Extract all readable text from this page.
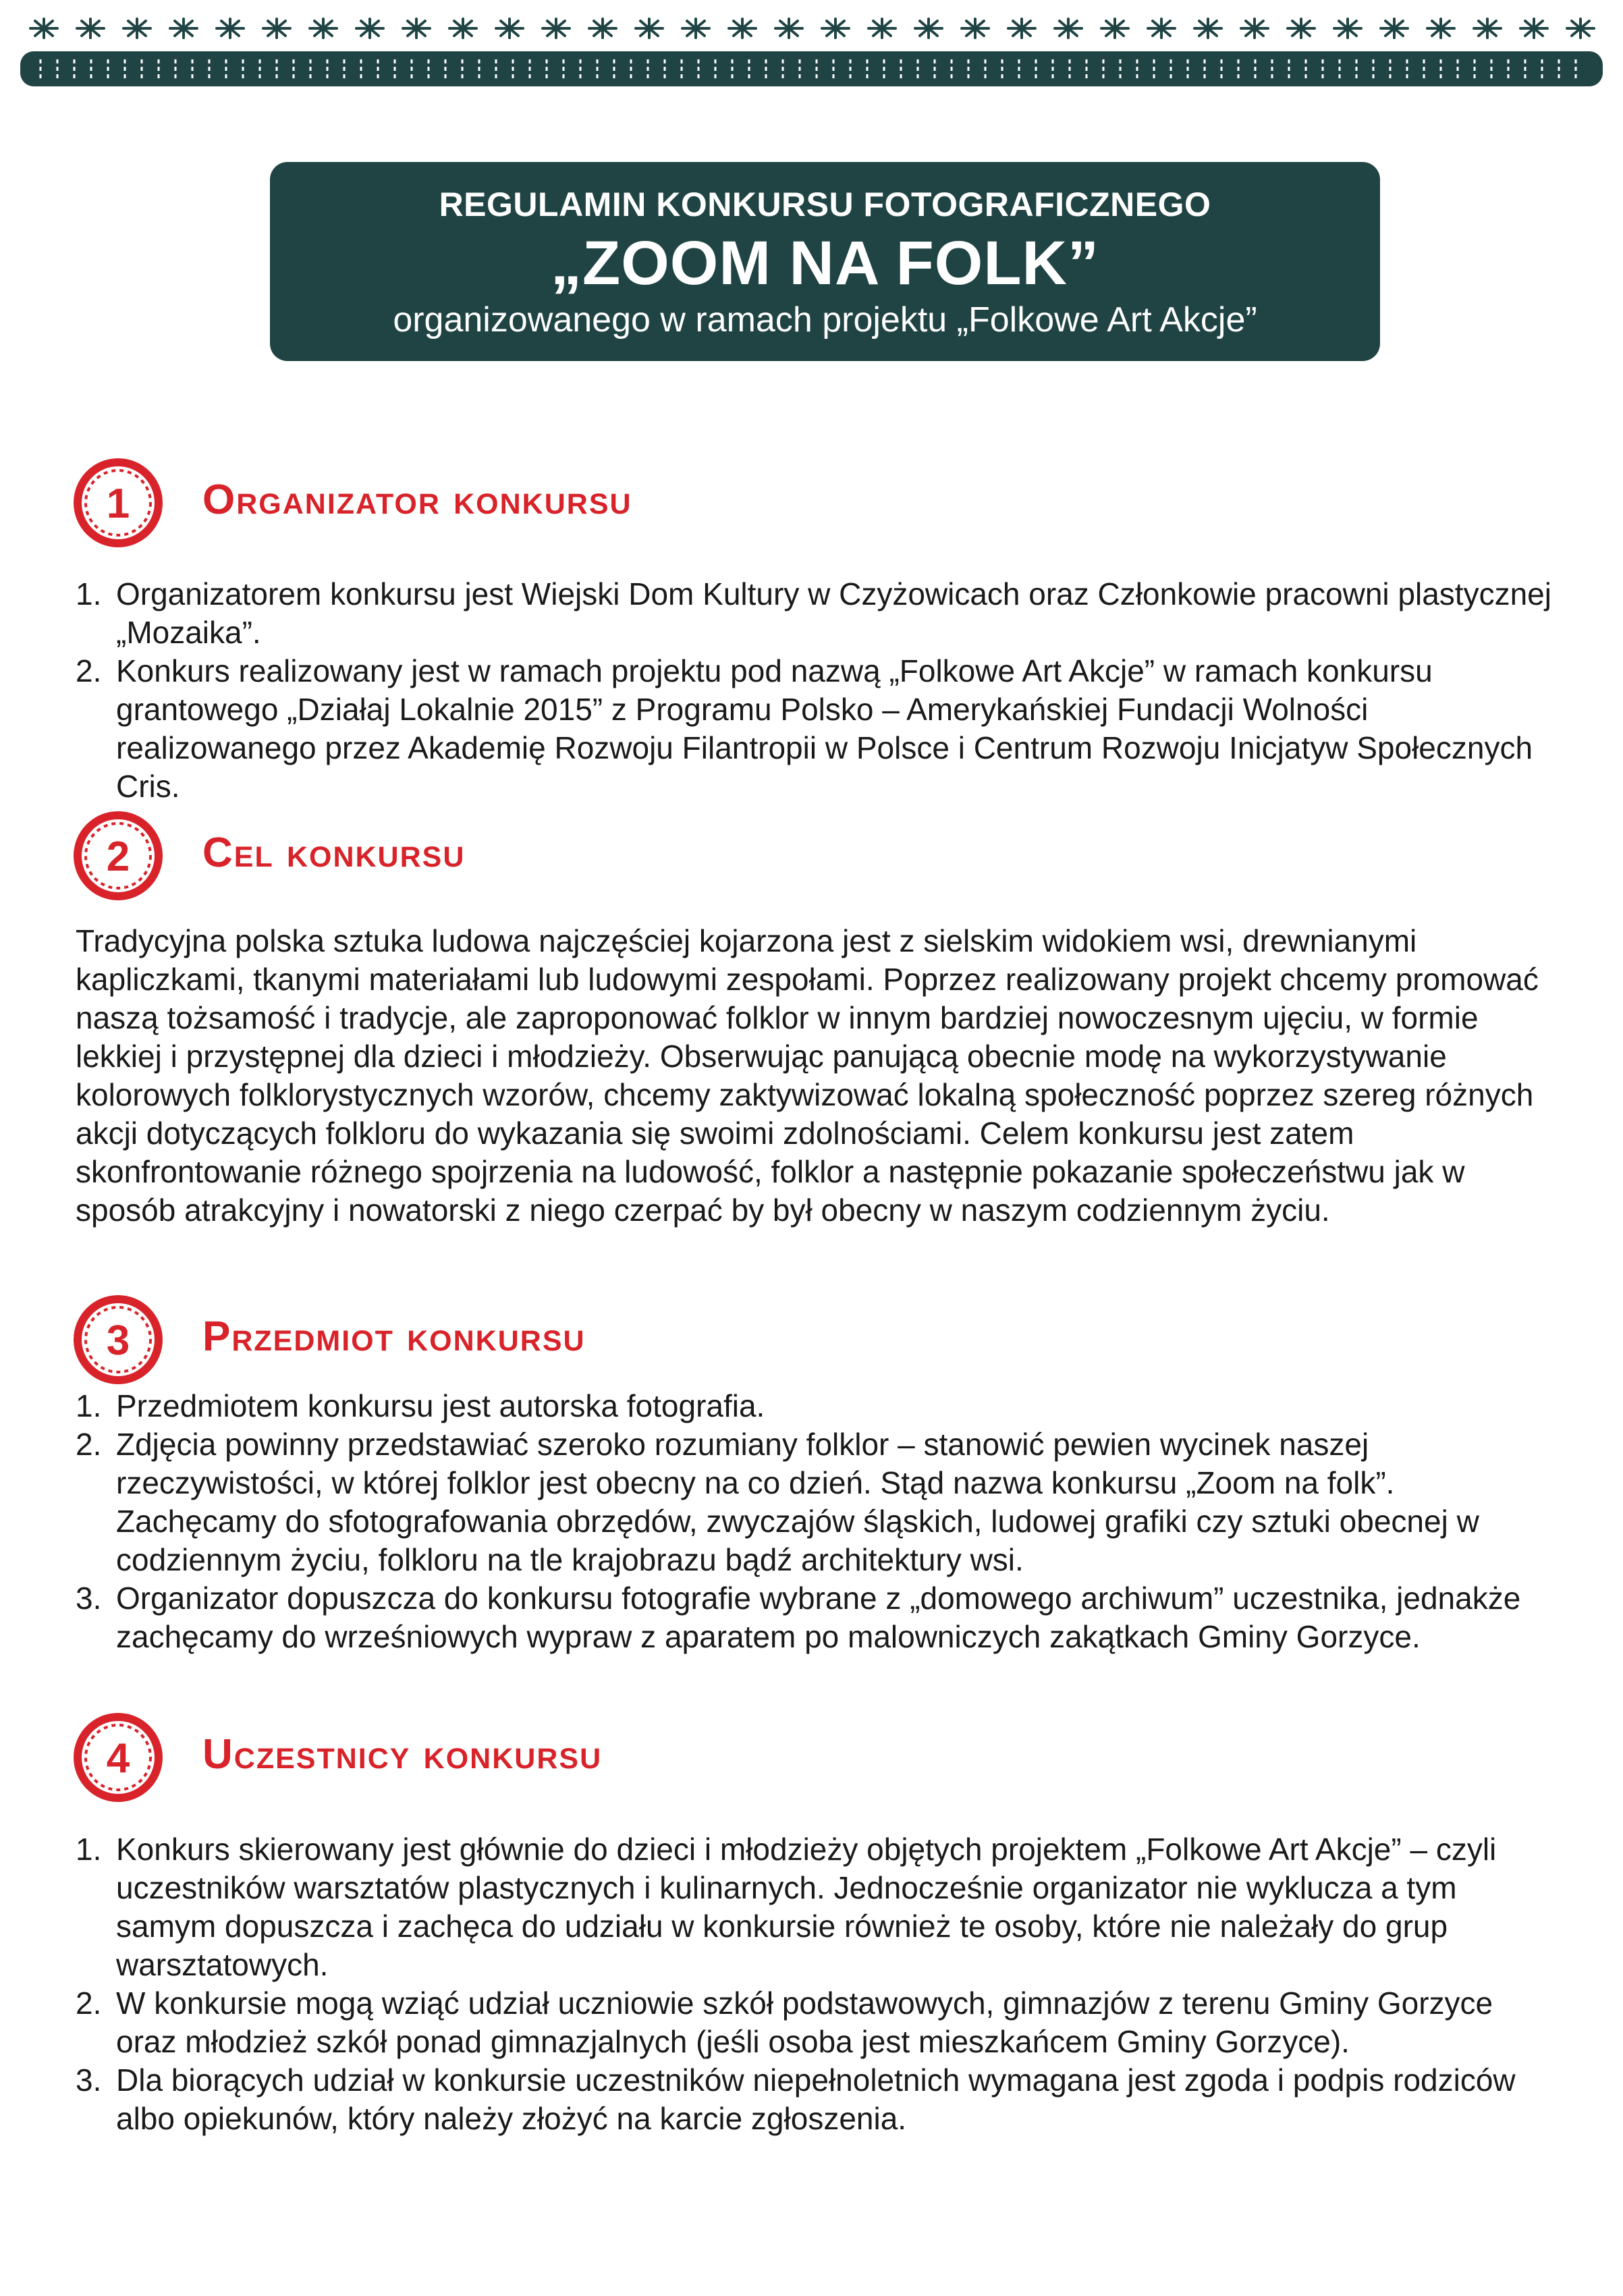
REGULAMIN KONKURSU FOTOGRAFICZNEGO
„ZOOM NA FOLK”
organizowanego w ramach projektu „Folkowe Art Akcje”
1 Organizator konkursu
1. Organizatorem konkursu jest Wiejski Dom Kultury w Czyżowicach oraz Członkowie pracowni plastycznej „Mozaika”.
2. Konkurs realizowany jest w ramach projektu pod nazwą „Folkowe Art Akcje” w ramach konkursu grantowego „Działaj Lokalnie 2015” z Programu Polsko – Amerykańskiej Fundacji Wolności realizowanego przez Akademię Rozwoju Filantropii w Polsce i Centrum Rozwoju Inicjatyw Społecznych Cris.
2 Cel konkursu

Tradycyjna polska sztuka ludowa najczęściej kojarzona jest z sielskim widokiem wsi, drewnianymi kapliczkami, tkanymi materiałami lub ludowymi zespołami. Poprzez realizowany projekt chcemy promować naszą tożsamość i tradycje, ale zaproponować folklor w innym bardziej nowoczesnym ujęciu, w formie lekkiej i przystępnej dla dzieci i młodzieży. Obserwując panującą obecnie modę na wykorzystywanie kolorowych folklorystycznych wzorów, chcemy zaktywizować lokalną społeczność poprzez szereg różnych akcji dotyczących folkloru do wykazania się swoimi zdolnościami. Celem konkursu jest zatem skonfrontowanie różnego spojrzenia na ludowość, folklor a następnie pokazanie społeczeństwu jak w sposób atrakcyjny i nowatorski z niego czerpać by był obecny w naszym codziennym życiu.

3 Przedmiot konkursu
1. Przedmiotem konkursu jest autorska fotografia.
2. Zdjęcia powinny przedstawiać szeroko rozumiany folklor – stanowić pewien wycinek naszej rzeczywistości, w której folklor jest obecny na co dzień. Stąd nazwa konkursu „Zoom na folk”. Zachęcamy do sfotografowania obrzędów, zwyczajów śląskich, ludowej grafiki czy sztuki obecnej w codziennym życiu, folkloru na tle krajobrazu bądź architektury wsi.
3. Organizator dopuszcza do konkursu fotografie wybrane z „domowego archiwum” uczestnika, jednakże zachęcamy do wrześniowych wypraw z aparatem po malowniczych zakątkach Gminy Gorzyce.
4 Uczestnicy konkursu
1. Konkurs skierowany jest głównie do dzieci i młodzieży objętych projektem „Folkowe Art Akcje” – czyli uczestników warsztatów plastycznych i kulinarnych. Jednocześnie organizator nie wyklucza a tym samym dopuszcza i zachęca do udziału w konkursie również te osoby, które nie należały do grup warsztatowych.
2. W konkursie mogą wziąć udział uczniowie szkół podstawowych, gimnazjów z terenu Gminy Gorzyce oraz młodzież szkół ponad gimnazjalnych (jeśli osoba jest mieszkańcem Gminy Gorzyce).
3. Dla biorących udział w konkursie uczestników niepełnoletnich wymagana jest zgoda i podpis rodziców albo opiekunów, który należy złożyć na karcie zgłoszenia.
